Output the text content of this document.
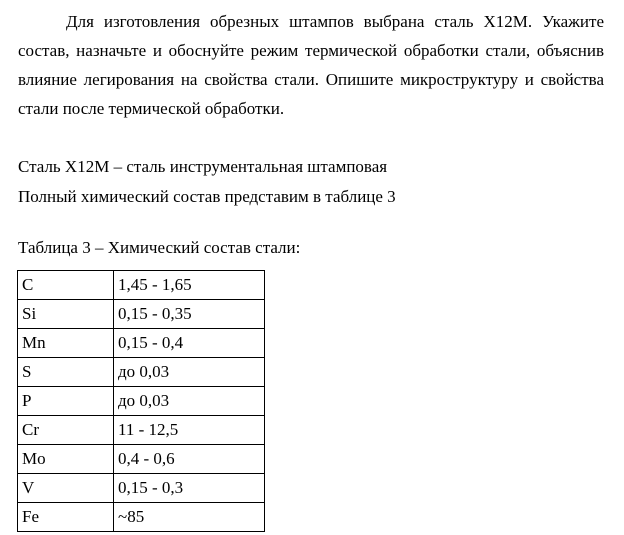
Для изготовления обрезных штампов выбрана сталь Х12М. Укажите
состав, назначьте и обоснуйте режим термической обработки стали, объяснив
влияние легирования на свойства стали. Опишите микроструктуру и свойства
стали после термической обработки.

Сталь Х12М – сталь инструментальная штамповая

Полный химический состав представим в таблице 3

Таблица 3 – Химический состав стали:

C	1,45 - 1,65
Si	0,15 - 0,35
Mn	0,15 - 0,4
S	до 0,03
P	до 0,03
Cr	11 - 12,5
Mo	0,4 - 0,6
V	0,15 - 0,3
Fe	~85
